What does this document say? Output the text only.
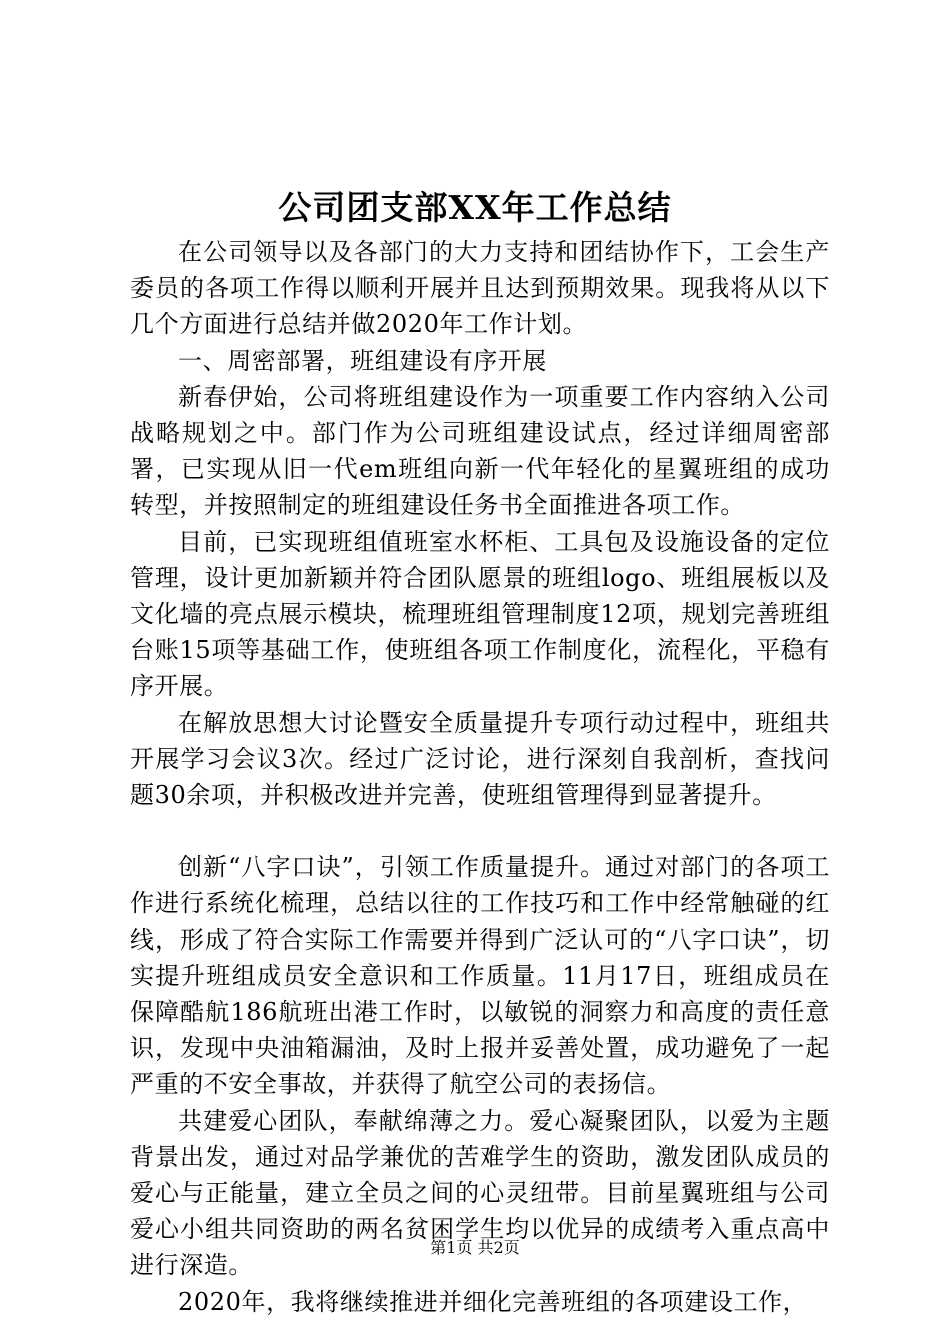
公司团支部XX年工作总结

在公司领导以及各部门的大力支持和团结协作下，工会生产委员的各项工作得以顺利开展并且达到预期效果。现我将从以下几个方面进行总结并做2020年工作计划。

一、周密部署，班组建设有序开展

新春伊始，公司将班组建设作为一项重要工作内容纳入公司战略规划之中。部门作为公司班组建设试点，经过详细周密部署，已实现从旧一代em班组向新一代年轻化的星翼班组的成功转型，并按照制定的班组建设任务书全面推进各项工作。

目前，已实现班组值班室水杯柜、工具包及设施设备的定位管理，设计更加新颖并符合团队愿景的班组logo、班组展板以及文化墙的亮点展示模块，梳理班组管理制度12项，规划完善班组台账15项等基础工作，使班组各项工作制度化，流程化，平稳有序开展。

在解放思想大讨论暨安全质量提升专项行动过程中，班组共开展学习会议3次。经过广泛讨论，进行深刻自我剖析，查找问题30余项，并积极改进并完善，使班组管理得到显著提升。

创新“八字口诀”，引领工作质量提升。通过对部门的各项工作进行系统化梳理，总结以往的工作技巧和工作中经常触碰的红线，形成了符合实际工作需要并得到广泛认可的“八字口诀”，切实提升班组成员安全意识和工作质量。11月17日，班组成员在保障酷航186航班出港工作时，以敏锐的洞察力和高度的责任意识，发现中央油箱漏油，及时上报并妥善处置，成功避免了一起严重的不安全事故，并获得了航空公司的表扬信。

共建爱心团队，奉献绵薄之力。爱心凝聚团队，以爱为主题背景出发，通过对品学兼优的苦难学生的资助，激发团队成员的爱心与正能量，建立全员之间的心灵纽带。目前星翼班组与公司爱心小组共同资助的两名贫困学生均以优异的成绩考入重点高中进行深造。

2020年，我将继续推进并细化完善班组的各项建设工作，

第1页 共2页
